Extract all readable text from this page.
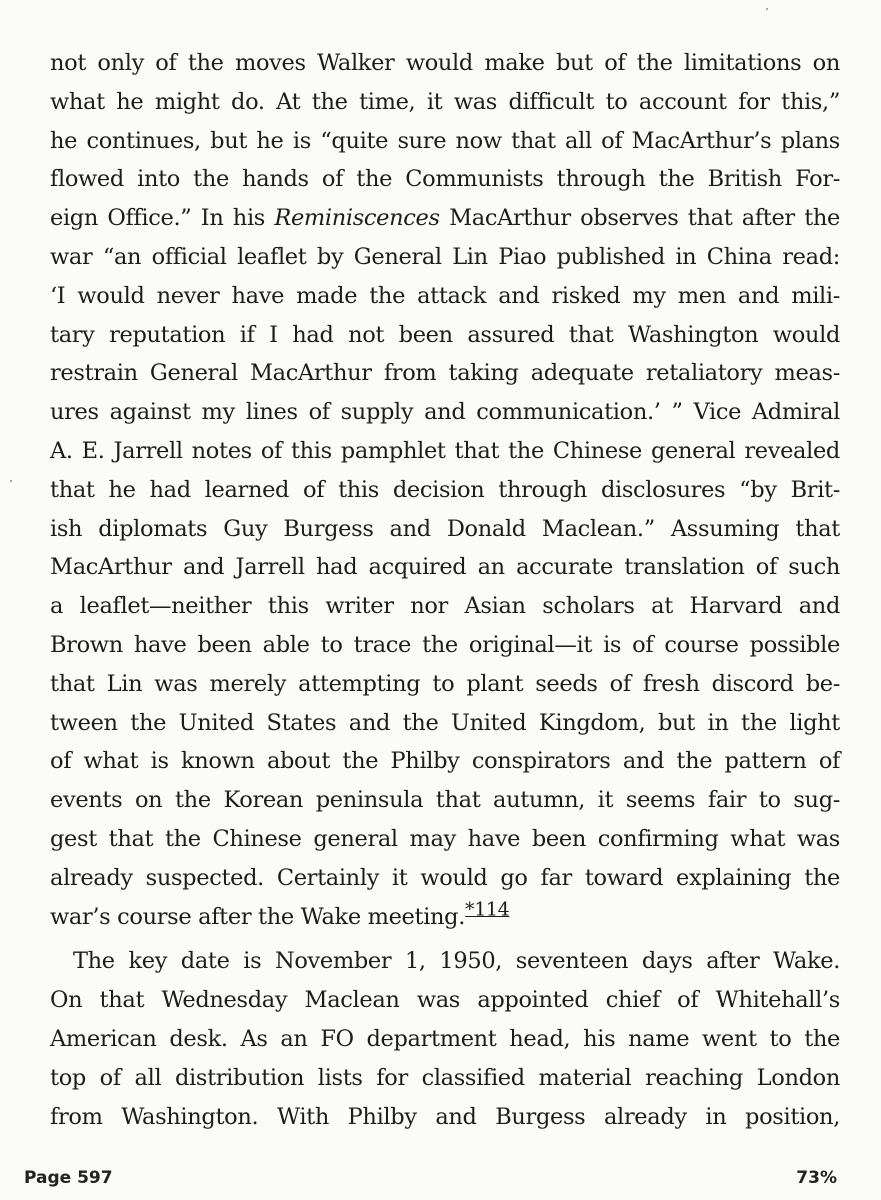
not only of the moves Walker would make but of the limitations on
what he might do. At the time, it was difficult to account for this,”
he continues, but he is “quite sure now that all of MacArthur’s plans
flowed into the hands of the Communists through the British For-
eign Office.” In his Reminiscences MacArthur observes that after the
war “an official leaflet by General Lin Piao published in China read:
‘I would never have made the attack and risked my men and mili-
tary reputation if I had not been assured that Washington would
restrain General MacArthur from taking adequate retaliatory meas-
ures against my lines of supply and communication.’ ” Vice Admiral
A. E. Jarrell notes of this pamphlet that the Chinese general revealed
that he had learned of this decision through disclosures “by Brit-
ish diplomats Guy Burgess and Donald Maclean.” Assuming that
MacArthur and Jarrell had acquired an accurate translation of such
a leaflet—neither this writer nor Asian scholars at Harvard and
Brown have been able to trace the original—it is of course possible
that Lin was merely attempting to plant seeds of fresh discord be-
tween the United States and the United Kingdom, but in the light
of what is known about the Philby conspirators and the pattern of
events on the Korean peninsula that autumn, it seems fair to sug-
gest that the Chinese general may have been confirming what was
already suspected. Certainly it would go far toward explaining the
war’s course after the Wake meeting.$^{*114}$
The key date is November 1, 1950, seventeen days after Wake.
On that Wednesday Maclean was appointed chief of Whitehall’s
American desk. As an FO department head, his name went to the
top of all distribution lists for classified material reaching London
from Washington. With Philby and Burgess already in position,
Page 597	73%
